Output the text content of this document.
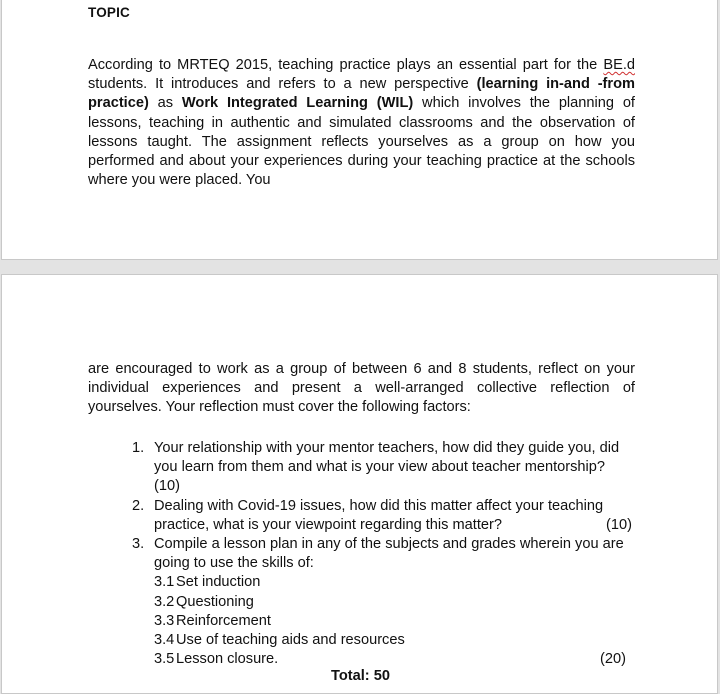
TOPIC
According to MRTEQ 2015, teaching practice plays an essential part for the BE.d students. It introduces and refers to a new perspective (learning in-and -from practice) as Work Integrated Learning (WIL) which involves the planning of lessons, teaching in authentic and simulated classrooms and the observation of lessons taught. The assignment reflects yourselves as a group on how you performed and about your experiences during your teaching practice at the schools where you were placed. You
are encouraged to work as a group of between 6 and 8 students, reflect on your individual experiences and present a well-arranged collective reflection of yourselves. Your reflection must cover the following factors:
1. Your relationship with your mentor teachers, how did they guide you, did
you learn from them and what is your view about teacher mentorship? (10)
2. Dealing with Covid-19 issues, how did this matter affect your teaching
practice, what is your viewpoint regarding this matter?	(10)
3. Compile a lesson plan in any of the subjects and grades wherein you are
going to use the skills of:
3.1 Set induction
3.2 Questioning
3.3 Reinforcement
3.4 Use of teaching aids and resources
3.5 Lesson closure.	(20)
Total: 50
